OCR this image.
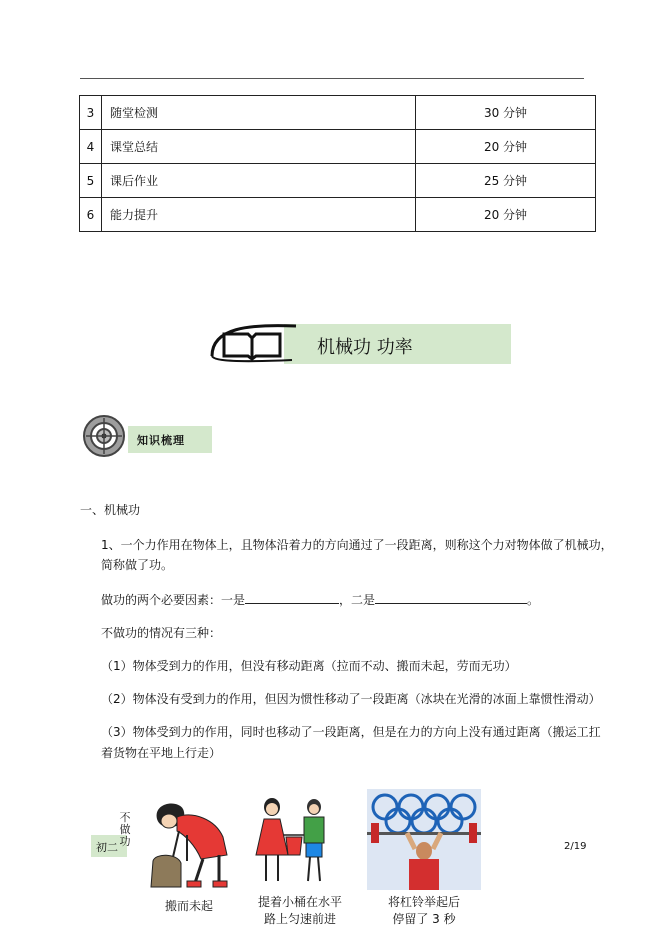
3	随堂检测	30 分钟
4	课堂总结	20 分钟
5	课后作业	25 分钟
6	能力提升	20 分钟
机械功 功率
知识梳理
一、机械功
1、一个力作用在物体上，且物体沿着力的方向通过了一段距离，则称这个力对物体做了机械功，
简称做了功。
做功的两个必要因素：一是	，二是	。
不做功的情况有三种：
（1）物体受到力的作用，但没有移动距离（拉而不动、搬而未起，劳而无功）
（2）物体没有受到力的作用，但因为惯性移动了一段距离（冰块在光滑的冰面上靠惯性滑动）
（3）物体受到力的作用，同时也移动了一段距离，但是在力的方向上没有通过距离（搬运工扛
着货物在平地上行走）
初二	2/19
不做功
搬而未起	提着小桶在水平
路上匀速前进
将杠铃举起后
停留了 3 秒
